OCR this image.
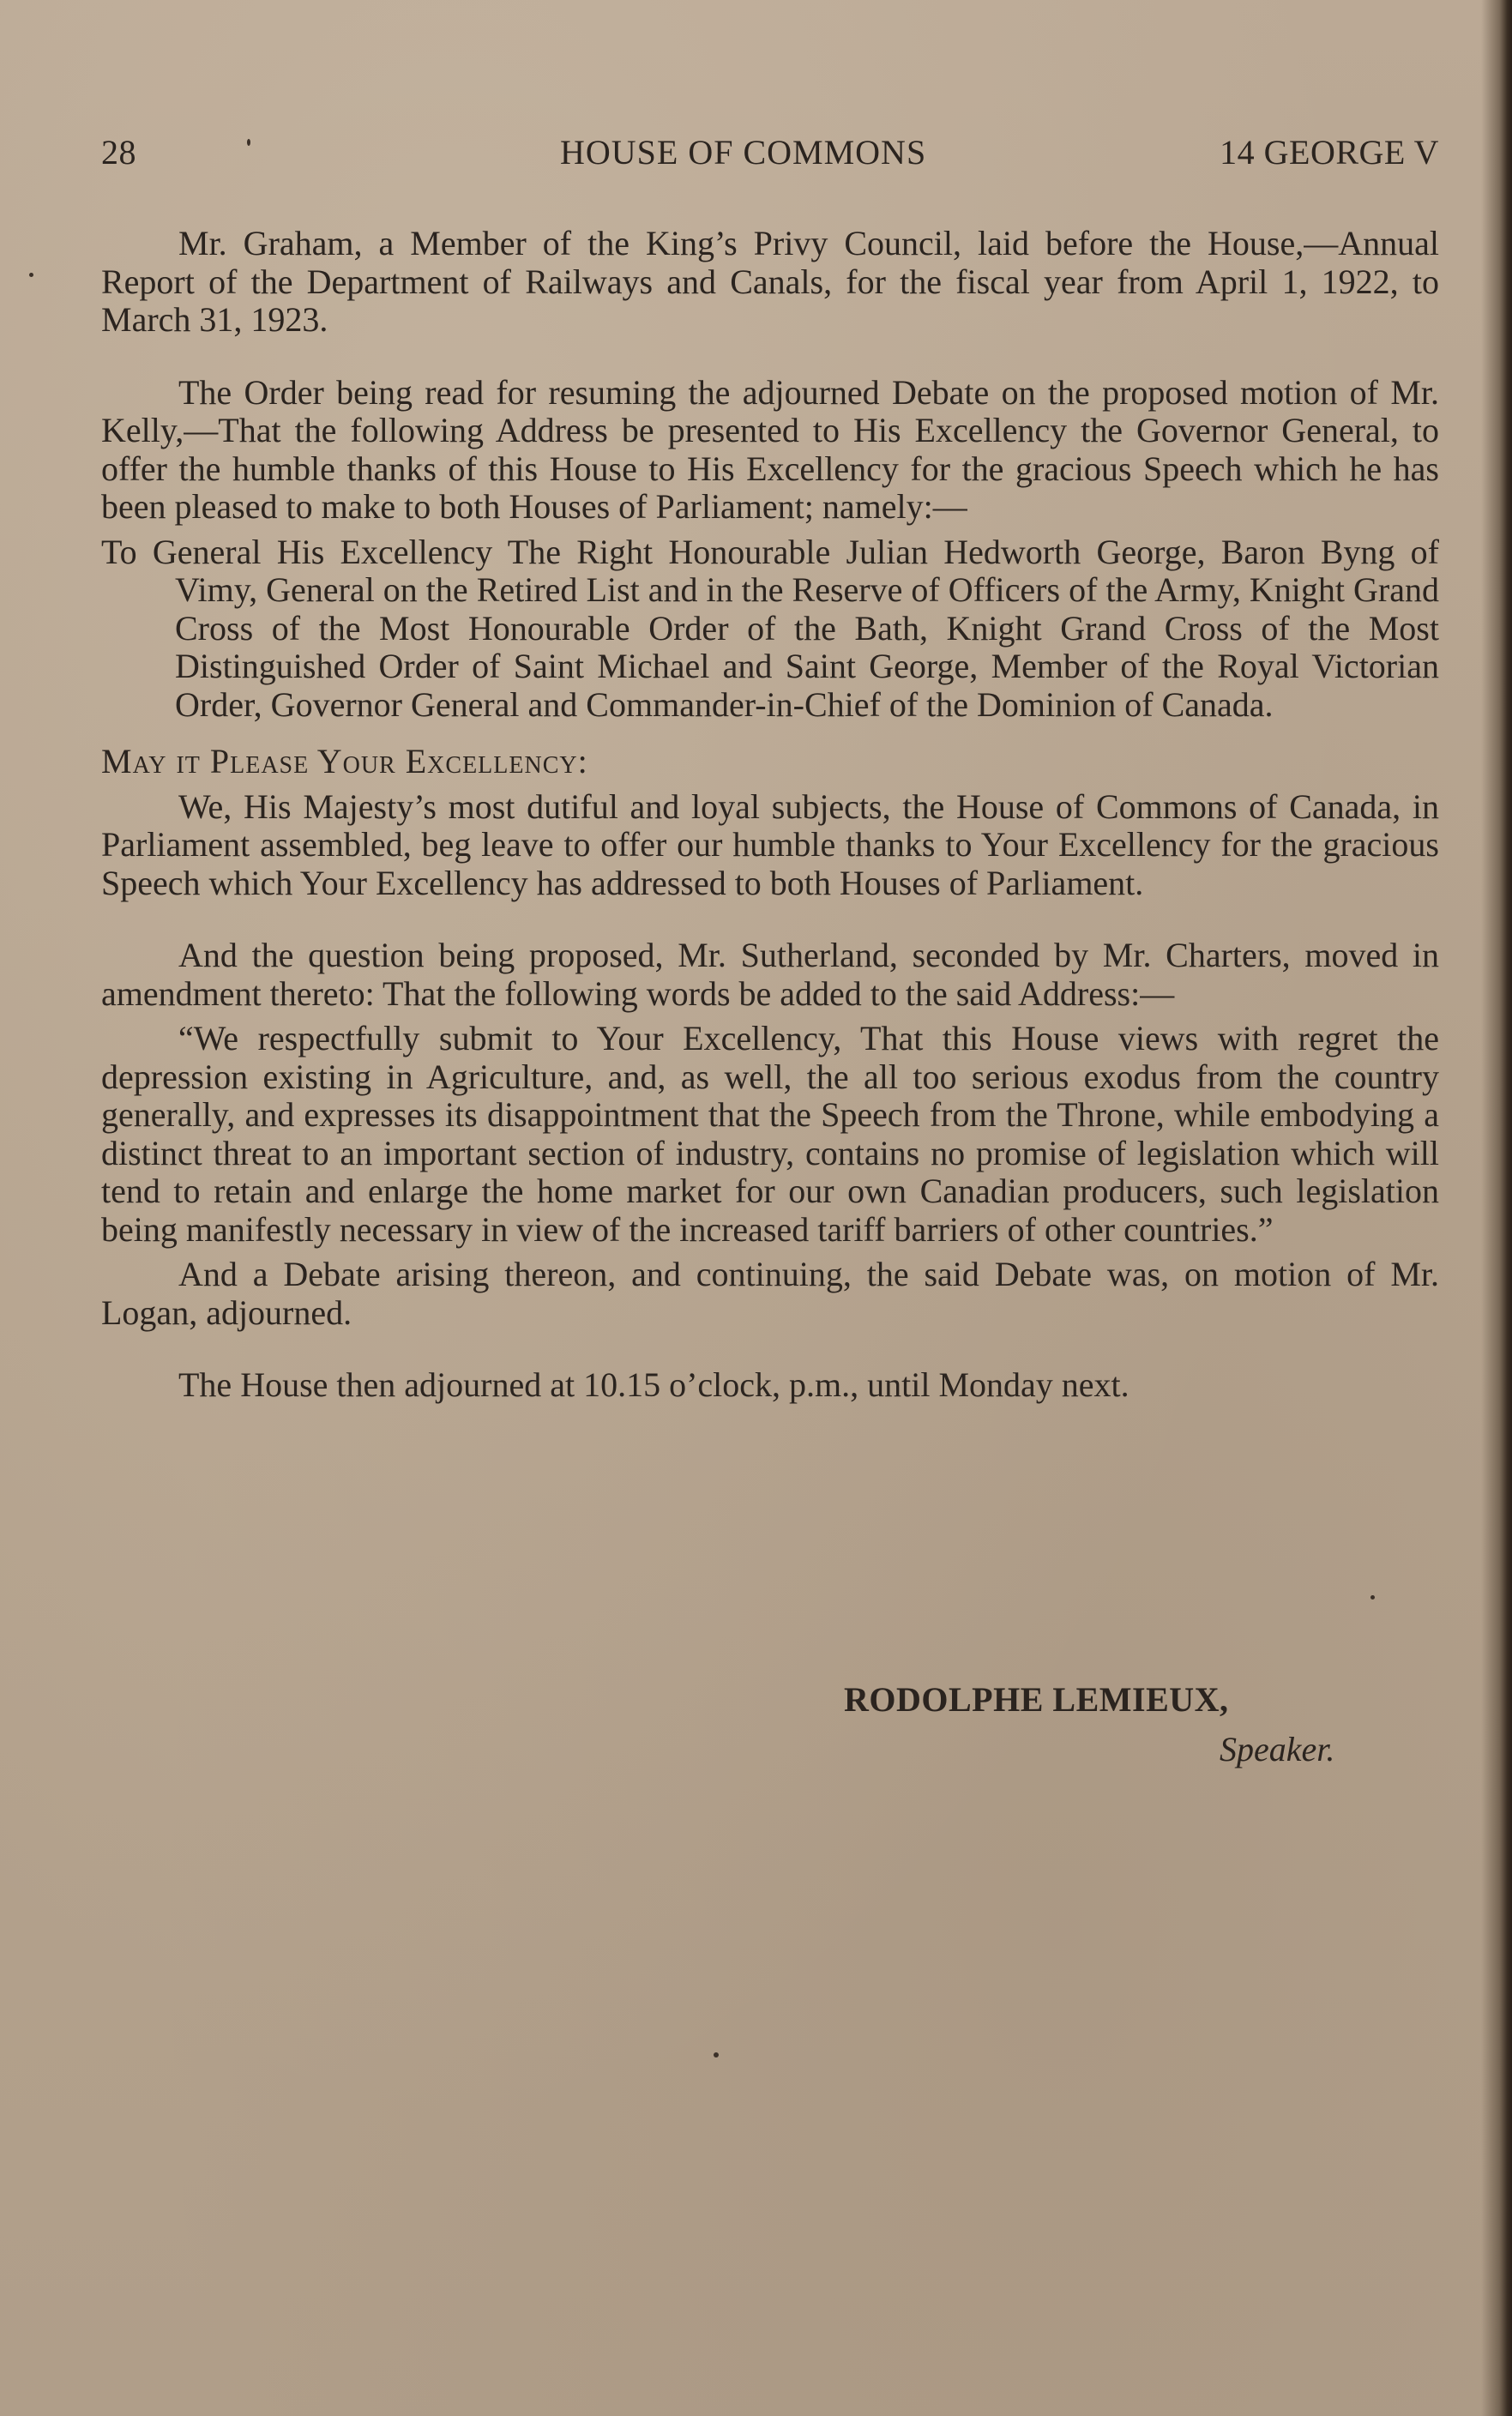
28	HOUSE OF COMMONS	14 GEORGE V

Mr. Graham, a Member of the King’s Privy Council, laid before the House,—Annual Report of the Department of Railways and Canals, for the fiscal year from April 1, 1922, to March 31, 1923.

The Order being read for resuming the adjourned Debate on the proposed motion of Mr. Kelly,—That the following Address be presented to His Excellency the Governor General, to offer the humble thanks of this House to His Excellency for the gracious Speech which he has been pleased to make to both Houses of Parliament; namely:—

To General His Excellency The Right Honourable Julian Hedworth George, Baron Byng of Vimy, General on the Retired List and in the Reserve of Officers of the Army, Knight Grand Cross of the Most Honourable Order of the Bath, Knight Grand Cross of the Most Distinguished Order of Saint Michael and Saint George, Member of the Royal Victorian Order, Governor General and Commander-in-Chief of the Dominion of Canada.

May it Please Your Excellency:

We, His Majesty’s most dutiful and loyal subjects, the House of Commons of Canada, in Parliament assembled, beg leave to offer our humble thanks to Your Excellency for the gracious Speech which Your Excellency has addressed to both Houses of Parliament.

And the question being proposed, Mr. Sutherland, seconded by Mr. Charters, moved in amendment thereto: That the following words be added to the said Address:—

“We respectfully submit to Your Excellency, That this House views with regret the depression existing in Agriculture, and, as well, the all too serious exodus from the country generally, and expresses its disappointment that the Speech from the Throne, while embodying a distinct threat to an important section of industry, contains no promise of legislation which will tend to retain and enlarge the home market for our own Canadian producers, such legislation being manifestly necessary in view of the increased tariff barriers of other countries.”

And a Debate arising thereon, and continuing, the said Debate was, on motion of Mr. Logan, adjourned.

The House then adjourned at 10.15 o’clock, p.m., until Monday next.

RODOLPHE LEMIEUX,
Speaker.
